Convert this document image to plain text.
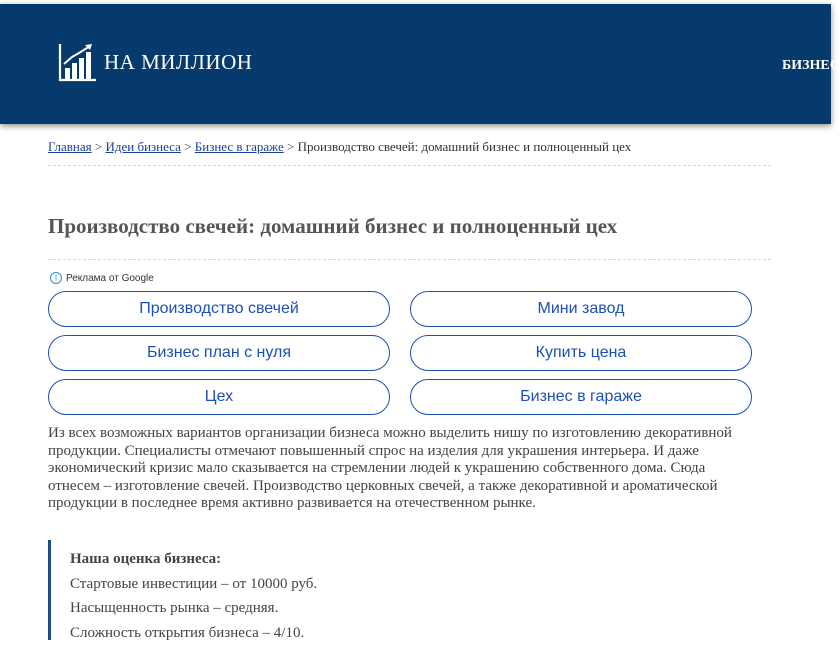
НА МИЛЛИОН	БИЗНЕС
Главная > Идеи бизнеса > Бизнес в гараже > Производство свечей: домашний бизнес и полноценный цех
Производство свечей: домашний бизнес и полноценный цех
i Реклама от Google
Производство свечей	Мини завод
Бизнес план с нуля	Купить цена
Цех	Бизнес в гараже

Из всех возможных вариантов организации бизнеса можно выделить нишу по изготовлению декоративной продукции. Специалисты отмечают повышенный спрос на изделия для украшения интерьера. И даже экономический кризис мало сказывается на стремлении людей к украшению собственного дома. Сюда отнесем – изготовление свечей. Производство церковных свечей, а также декоративной и ароматической продукции в последнее время активно развивается на отечественном рынке.

Наша оценка бизнеса:
Стартовые инвестиции – от 10000 руб.
Насыщенность рынка – средняя.
Сложность открытия бизнеса – 4/10.
